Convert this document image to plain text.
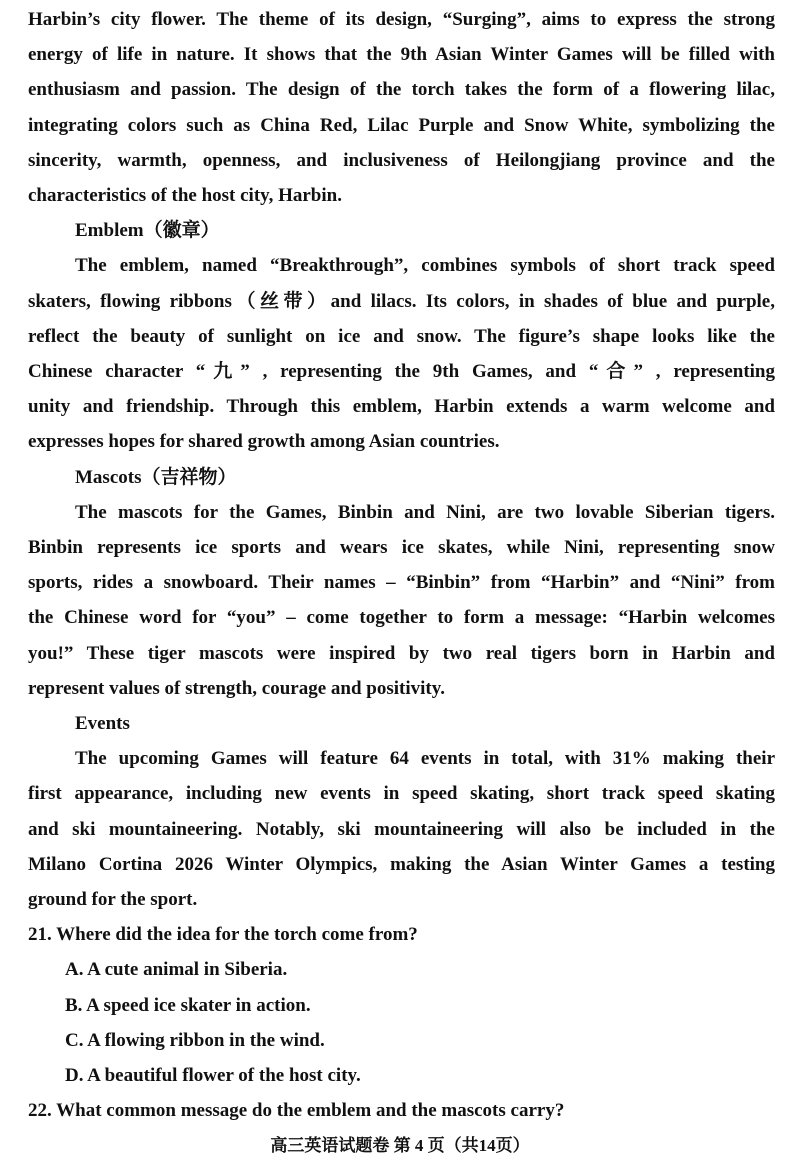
Harbin’s city flower. The theme of its design, “Surging”, aims to express the strong
energy of life in nature. It shows that the 9th Asian Winter Games will be filled with
enthusiasm and passion. The design of the torch takes the form of a flowering lilac,
integrating colors such as China Red, Lilac Purple and Snow White, symbolizing the
sincerity, warmth, openness, and inclusiveness of Heilongjiang province and the
characteristics of the host city, Harbin.
Emblem（徽章）
The emblem, named “Breakthrough”, combines symbols of short track speed
skaters, flowing ribbons（丝带）and lilacs. Its colors, in shades of blue and purple,
reflect the beauty of sunlight on ice and snow. The figure’s shape looks like the
Chinese character “九” , representing the 9th Games, and “合” , representing
unity and friendship. Through this emblem, Harbin extends a warm welcome and
expresses hopes for shared growth among Asian countries.
Mascots（吉祥物）
The mascots for the Games, Binbin and Nini, are two lovable Siberian tigers.
Binbin represents ice sports and wears ice skates, while Nini, representing snow
sports, rides a snowboard. Their names – “Binbin” from “Harbin” and “Nini” from
the Chinese word for “you” – come together to form a message: “Harbin welcomes
you!” These tiger mascots were inspired by two real tigers born in Harbin and
represent values of strength, courage and positivity.
Events
The upcoming Games will feature 64 events in total, with 31% making their
first appearance, including new events in speed skating, short track speed skating
and ski mountaineering. Notably, ski mountaineering will also be included in the
Milano Cortina 2026 Winter Olympics, making the Asian Winter Games a testing
ground for the sport.
21. Where did the idea for the torch come from?
A. A cute animal in Siberia.
B. A speed ice skater in action.
C. A flowing ribbon in the wind.
D. A beautiful flower of the host city.
22. What common message do the emblem and the mascots carry?
高三英语试题卷 第 4 页（共14页）
